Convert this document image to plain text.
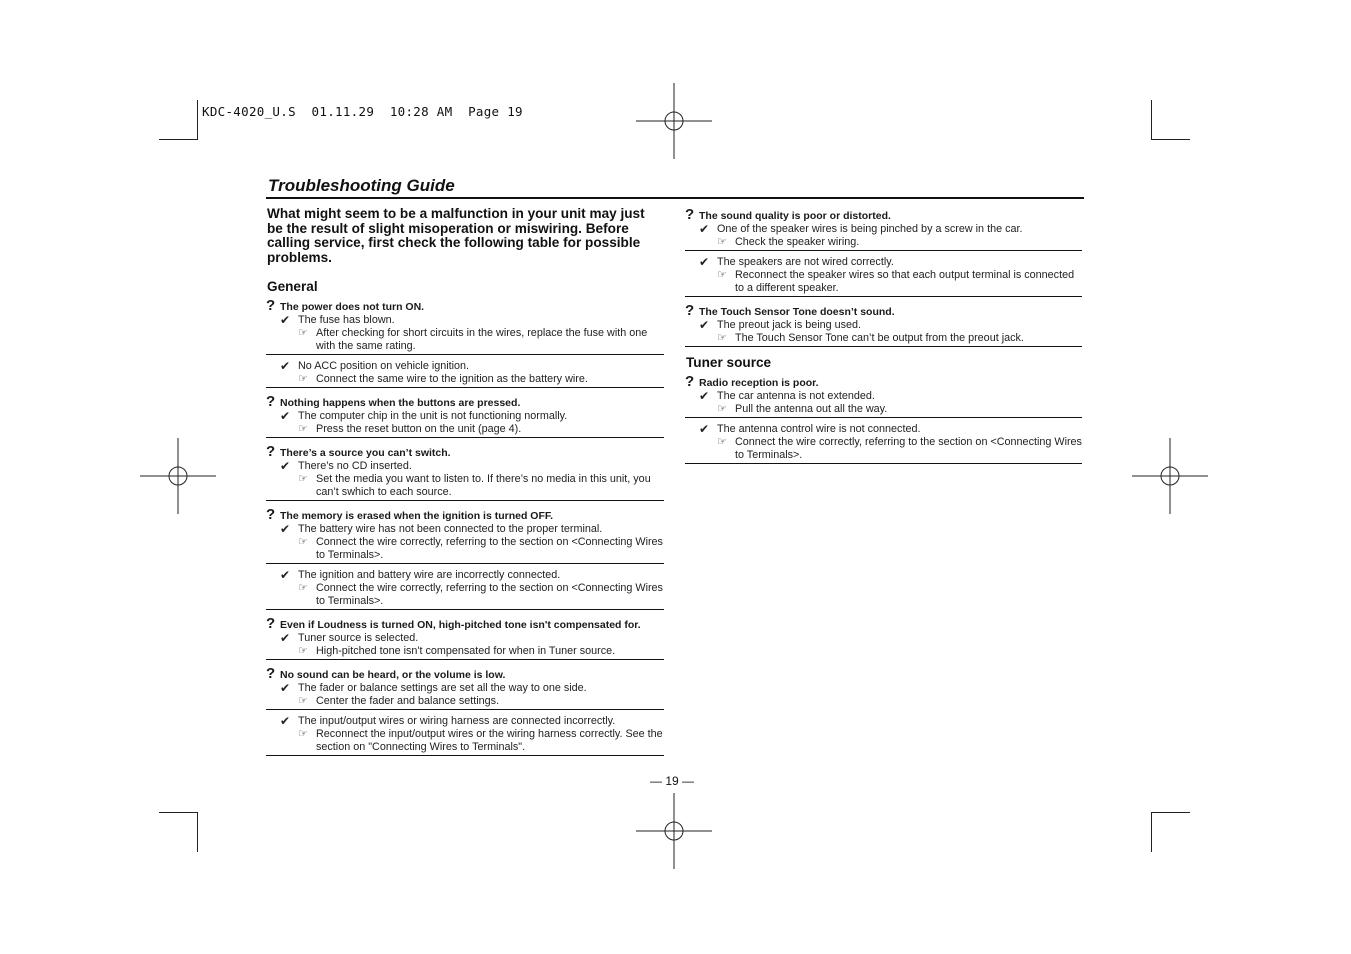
KDC-4020_U.S  01.11.29  10:28 AM  Page 19
Troubleshooting Guide
What might seem to be a malfunction in your unit may just be the result of slight misoperation or miswiring. Before calling service, first check the following table for possible problems.
General
? The power does not turn ON.
✔ The fuse has blown.
☞ After checking for short circuits in the wires, replace the fuse with one with the same rating.
✔ No ACC position on vehicle ignition.
☞ Connect the same wire to the ignition as the battery wire.
? Nothing happens when the buttons are pressed.
✔ The computer chip in the unit is not functioning normally.
☞ Press the reset button on the unit (page 4).
? There’s a source you can’t switch.
✔ There’s no CD inserted.
☞ Set the media you want to listen to. If there’s no media in this unit, you can’t swhich to each source.
? The memory is erased when the ignition is turned OFF.
✔ The battery wire has not been connected to the proper terminal.
☞ Connect the wire correctly, referring to the section on <Connecting Wires to Terminals>.
✔ The ignition and battery wire are incorrectly connected.
☞ Connect the wire correctly, referring to the section on <Connecting Wires to Terminals>.
? Even if Loudness is turned ON, high-pitched tone isn't compensated for.
✔ Tuner source is selected.
☞ High-pitched tone isn't compensated for when in Tuner source.
? No sound can be heard, or the volume is low.
✔ The fader or balance settings are set all the way to one side.
☞ Center the fader and balance settings.
✔ The input/output wires or wiring harness are connected incorrectly.
☞ Reconnect the input/output wires or the wiring harness correctly. See the section on "Connecting Wires to Terminals".
? The sound quality is poor or distorted.
✔ One of the speaker wires is being pinched by a screw in the car.
☞ Check the speaker wiring.
✔ The speakers are not wired correctly.
☞ Reconnect the speaker wires so that each output terminal is connected to a different speaker.
? The Touch Sensor Tone doesn’t sound.
✔ The preout jack is being used.
☞ The Touch Sensor Tone can’t be output from the preout jack.
Tuner source
? Radio reception is poor.
✔ The car antenna is not extended.
☞ Pull the antenna out all the way.
✔ The antenna control wire is not connected.
☞ Connect the wire correctly, referring to the section on <Connecting Wires to Terminals>.
— 19 —
